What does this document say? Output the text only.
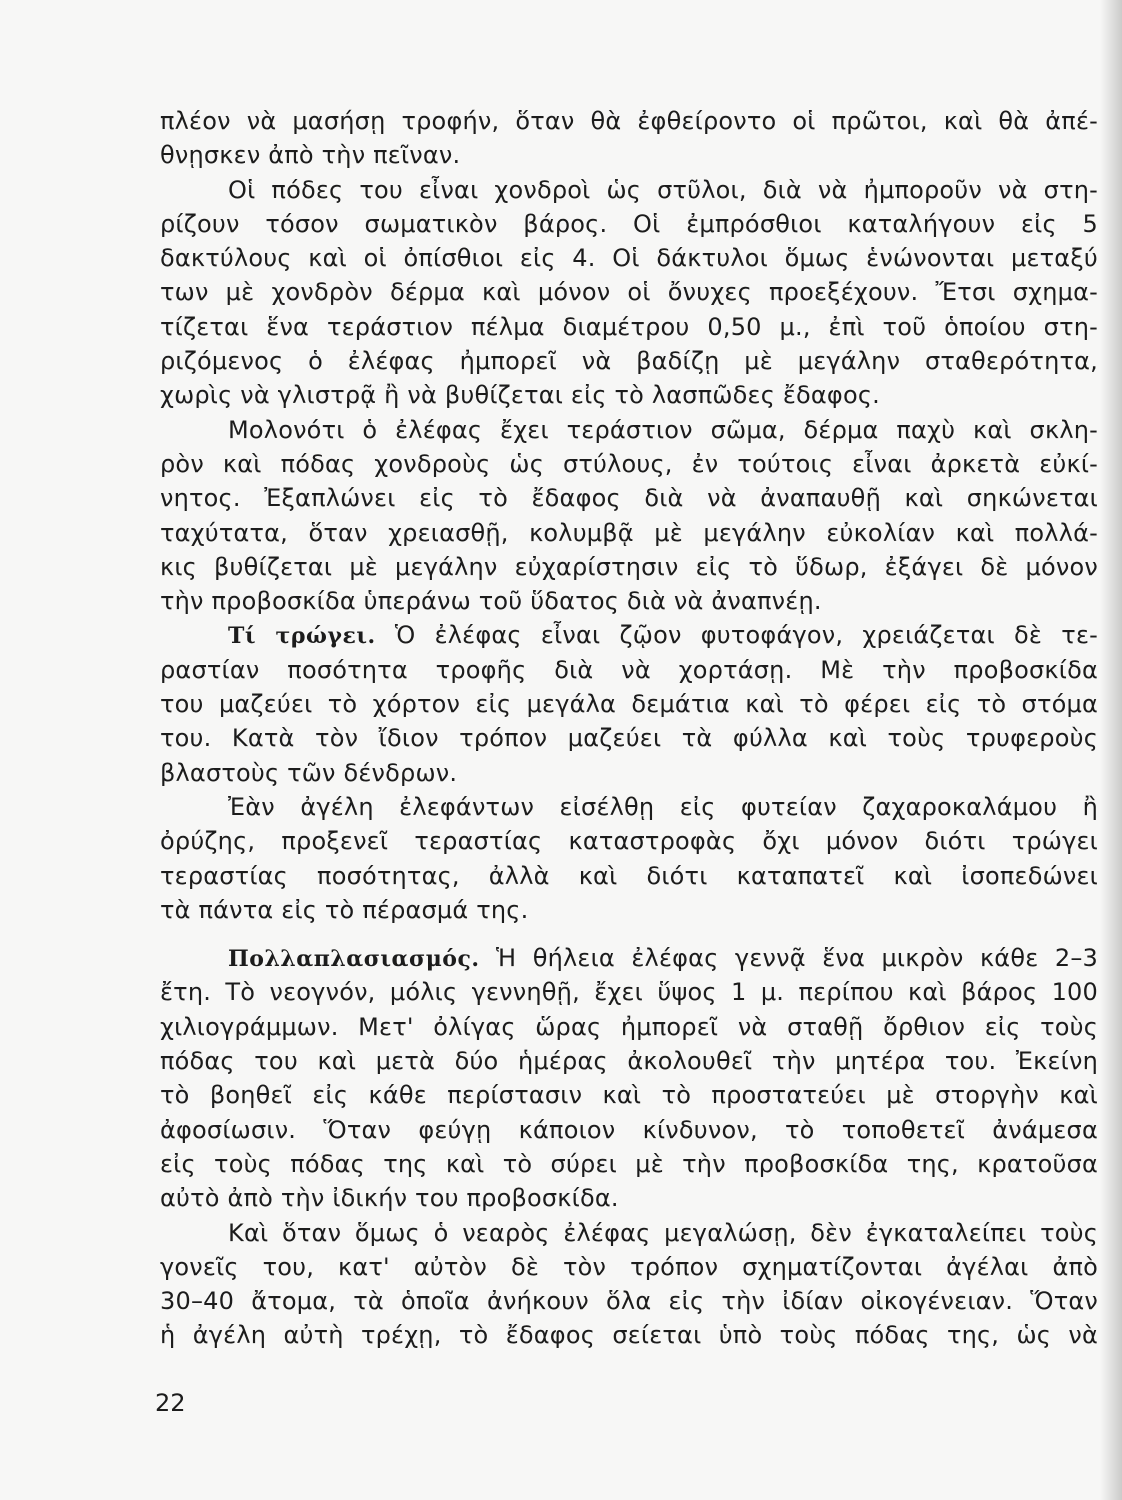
πλέον νὰ μασήσῃ τροφήν, ὅταν θὰ ἐφθείροντο οἱ πρῶτοι, καὶ θὰ ἀπέ-
θνῃσκεν ἀπὸ τὴν πεῖναν.
Οἱ πόδες του εἶναι χονδροὶ ὡς στῦλοι, διὰ νὰ ἠμποροῦν νὰ στη-
ρίζουν τόσον σωματικὸν βάρος. Οἱ ἐμπρόσθιοι καταλήγουν εἰς 5
δακτύλους καὶ οἱ ὀπίσθιοι εἰς 4. Οἱ δάκτυλοι ὅμως ἑνώνονται μεταξύ
των μὲ χονδρὸν δέρμα καὶ μόνον οἱ ὄνυχες προεξέχουν. Ἔτσι σχημα-
τίζεται ἕνα τεράστιον πέλμα διαμέτρου 0,50 μ., ἐπὶ τοῦ ὁποίου στη-
ριζόμενος ὁ ἐλέφας ἠμπορεῖ νὰ βαδίζῃ μὲ μεγάλην σταθερότητα,
χωρὶς νὰ γλιστρᾷ ἢ νὰ βυθίζεται εἰς τὸ λασπῶδες ἔδαφος.
Μολονότι ὁ ἐλέφας ἔχει τεράστιον σῶμα, δέρμα παχὺ καὶ σκλη-
ρὸν καὶ πόδας χονδροὺς ὡς στύλους, ἐν τούτοις εἶναι ἀρκετὰ εὐκί-
νητος. Ἐξαπλώνει εἰς τὸ ἔδαφος διὰ νὰ ἀναπαυθῇ καὶ σηκώνεται
ταχύτατα, ὅταν χρειασθῇ, κολυμβᾷ μὲ μεγάλην εὐκολίαν καὶ πολλά-
κις βυθίζεται μὲ μεγάλην εὐχαρίστησιν εἰς τὸ ὕδωρ, ἐξάγει δὲ μόνον
τὴν προβοσκίδα ὑπεράνω τοῦ ὕδατος διὰ νὰ ἀναπνέῃ.
Τί τρώγει. Ὁ ἐλέφας εἶναι ζῷον φυτοφάγον, χρειάζεται δὲ τε-
ραστίαν ποσότητα τροφῆς διὰ νὰ χορτάσῃ. Μὲ τὴν προβοσκίδα
του μαζεύει τὸ χόρτον εἰς μεγάλα δεμάτια καὶ τὸ φέρει εἰς τὸ στόμα
του. Κατὰ τὸν ἴδιον τρόπον μαζεύει τὰ φύλλα καὶ τοὺς τρυφεροὺς
βλαστοὺς τῶν δένδρων.
Ἐὰν ἀγέλη ἐλεφάντων εἰσέλθῃ εἰς φυτείαν ζαχαροκαλάμου ἢ
ὀρύζης, προξενεῖ τεραστίας καταστροφὰς ὄχι μόνον διότι τρώγει
τεραστίας ποσότητας, ἀλλὰ καὶ διότι καταπατεῖ καὶ ἰσοπεδώνει
τὰ πάντα εἰς τὸ πέρασμά της.
Πολλαπλασιασμός. Ἡ θήλεια ἐλέφας γεννᾷ ἕνα μικρὸν κάθε 2–3
ἔτη. Τὸ νεογνόν, μόλις γεννηθῇ, ἔχει ὕψος 1 μ. περίπου καὶ βάρος 100
χιλιογράμμων. Μετ' ὀλίγας ὥρας ἠμπορεῖ νὰ σταθῇ ὄρθιον εἰς τοὺς
πόδας του καὶ μετὰ δύο ἡμέρας ἀκολουθεῖ τὴν μητέρα του. Ἐκείνη
τὸ βοηθεῖ εἰς κάθε περίστασιν καὶ τὸ προστατεύει μὲ στοργὴν καὶ
ἀφοσίωσιν. Ὅταν φεύγῃ κάποιον κίνδυνον, τὸ τοποθετεῖ ἀνάμεσα
εἰς τοὺς πόδας της καὶ τὸ σύρει μὲ τὴν προβοσκίδα της, κρατοῦσα
αὐτὸ ἀπὸ τὴν ἰδικήν του προβοσκίδα.
Καὶ ὅταν ὅμως ὁ νεαρὸς ἐλέφας μεγαλώσῃ, δὲν ἐγκαταλείπει τοὺς
γονεῖς του, κατ' αὐτὸν δὲ τὸν τρόπον σχηματίζονται ἀγέλαι ἀπὸ
30–40 ἄτομα, τὰ ὁποῖα ἀνήκουν ὅλα εἰς τὴν ἰδίαν οἰκογένειαν. Ὅταν
ἡ ἀγέλη αὐτὴ τρέχῃ, τὸ ἔδαφος σείεται ὑπὸ τοὺς πόδας της, ὡς νὰ
22
